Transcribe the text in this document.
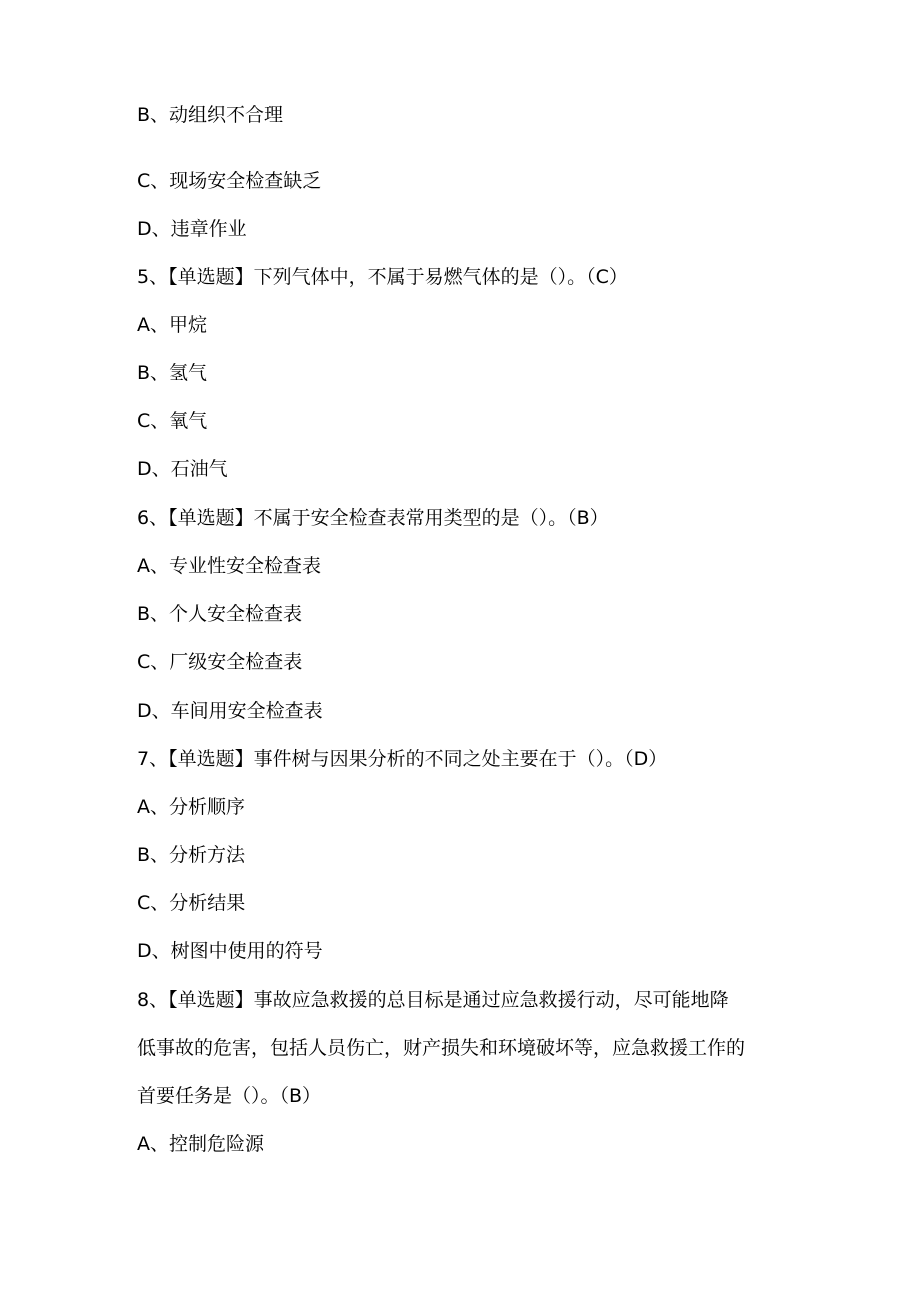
B、动组织不合理
C、现场安全检查缺乏
D、违章作业
5、【单选题】下列气体中，不属于易燃气体的是（）。（C）
A、甲烷
B、氢气
C、氧气
D、石油气
6、【单选题】不属于安全检查表常用类型的是（）。（B）
A、专业性安全检查表
B、个人安全检查表
C、厂级安全检查表
D、车间用安全检查表
7、【单选题】事件树与因果分析的不同之处主要在于（）。（D）
A、分析顺序
B、分析方法
C、分析结果
D、树图中使用的符号
8、【单选题】事故应急救援的总目标是通过应急救援行动，尽可能地降
低事故的危害，包括人员伤亡，财产损失和环境破坏等，应急救援工作的
首要任务是（）。（B）
A、控制危险源
